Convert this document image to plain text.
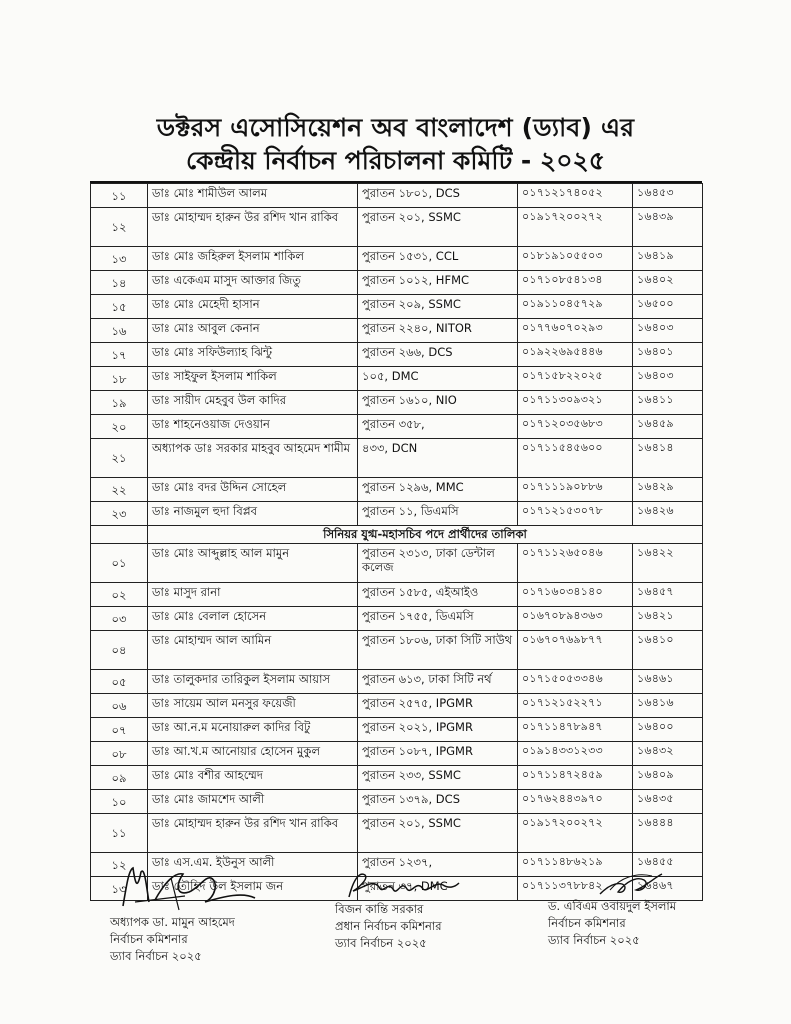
ডক্টরস এসোসিয়েশন অব বাংলাদেশ (ড্যাব) এর
কেন্দ্রীয় নির্বাচন পরিচালনা কমিটি - ২০২৫
১১	ডাঃ মোঃ শামীউল আলম	পুরাতন ১৮০১, DCS	০১৭১২১৭৪০৫২	১৬৪৫৩
১২	ডাঃ মোহাম্মদ হারুন উর রশিদ খান রাকিব	পুরাতন ২০১, SSMC	০১৯১৭২০০২৭২	১৬৪৩৯
১৩	ডাঃ মোঃ জহিরুল ইসলাম শাকিল	পুরাতন ১৫৩১, CCL	০১৮১৯১০৫৫০৩	১৬৪১৯
১৪	ডাঃ একেএম মাসুদ আক্তার জিতু	পুরাতন ১০১২, HFMC	০১৭১০৮৫৪১৩৪	১৬৪০২
১৫	ডাঃ মোঃ মেহেদী হাসান	পুরাতন ২০৯, SSMC	০১৯১১০৪৫৭২৯	১৬৫০০
১৬	ডাঃ মোঃ আবুল কেনান	পুরাতন ২২৪০, NITOR	০১৭৭৬০৭০২৯৩	১৬৪০৩
১৭	ডাঃ মোঃ সফিউল্যাহ ঝিন্টু	পুরাতন ২৬৬, DCS	০১৯২২৬৯৫৪৪৬	১৬৪০১
১৮	ডাঃ সাইফুল ইসলাম শাকিল	১০৫, DMC	০১৭১৫৮২২০২৫	১৬৪০৩
১৯	ডাঃ সায়ীদ মেহবুব উল কাদির	পুরাতন ১৬১০, NIO	০১৭১১৩০৯৩২১	১৬৪১১
২০	ডাঃ শাহনেওয়াজ দেওয়ান	পুরাতন ৩৫৮,	০১৭১২০৩৫৬৮৩	১৬৪৫৯
২১	অধ্যাপক ডাঃ সরকার মাহবুব আহমেদ শামীম	৪৩৩, DCN	০১৭১১৫৪৫৬০০	১৬৪১৪
২২	ডাঃ মোঃ বদর উদ্দিন সোহেল	পুরাতন ১২৯৬, MMC	০১৭১১১৯০৮৮৬	১৬৪২৯
২৩	ডাঃ নাজমুল হুদা বিপ্লব	পুরাতন ১১, ডিএমসি	০১৭১২১৫৩০৭৮	১৬৪২৬
	সিনিয়র যুগ্ম-মহাসচিব পদে প্রার্থীদের তালিকা			
০১	ডাঃ মোঃ আব্দুল্লাহ আল মামুন	পুরাতন ২৩১৩, ঢাকা ডেন্টাল কলেজ	০১৭১১২৬৫০৪৬	১৬৪২২
০২	ডাঃ মাসুদ রানা	পুরাতন ১৫৮৫, এইআইও	০১৭১৬০৩৪১৪০	১৬৪৫৭
০৩	ডাঃ মোঃ বেলাল হোসেন	পুরাতন ১৭৫৫, ডিএমসি	০১৬৭০৮৯৪৩৬৩	১৬৪২১
০৪	ডাঃ মোহাম্মদ আল আমিন	পুরাতন ১৮০৬, ঢাকা সিটি সাউথ	০১৬৭০৭৬৯৮৭৭	১৬৪১০
০৫	ডাঃ তালুকদার তারিকুল ইসলাম আয়াস	পুরাতন ৬১৩, ঢাকা সিটি নর্থ	০১৭১৫০৫৩৩৪৬	১৬৪৬১
০৬	ডাঃ সায়েম আল মনসুর ফয়েজী	পুরাতন ২৫৭৫, IPGMR	০১৭১২১৫২২৭১	১৬৪১৬
০৭	ডাঃ আ.ন.ম মনোয়ারুল কাদির বিটু	পুরাতন ২০২১, IPGMR	০১৭১১৪৭৮৯৪৭	১৬৪০০
০৮	ডাঃ আ.খ.ম আনোয়ার হোসেন মুকুল	পুরাতন ১০৮৭, IPGMR	০১৯১৪৩৩১২৩৩	১৬৪৩২
০৯	ডাঃ মোঃ বশীর আহম্মেদ	পুরাতন ২৩৩, SSMC	০১৭১১৪৭২৪৫৯	১৬৪০৯
১০	ডাঃ মোঃ জামশেদ আলী	পুরাতন ১৩৭৯, DCS	০১৭৬২৪৪৩৯৭০	১৬৪৩৫
১১	ডাঃ মোহাম্মদ হারুন উর রশিদ খান রাকিব	পুরাতন ২০১, SSMC	০১৯১৭২০০২৭২	১৬৪৪৪
১২	ডাঃ এস.এম. ইউনুস আলী	পুরাতন ১২৩৭,	০১৭১১৪৮৬২১৯	১৬৪৫৫
১৩	ডাঃ তৌহিদ উল ইসলাম জন	পুরাতন ৩৭, DMC	০১৭১১৩৭৮৮৪২	১৬৪৬৭
অধ্যাপক ডা. মামুন আহমেদ
নির্বাচন কমিশনার
ড্যাব নির্বাচন ২০২৫
বিজন কান্তি সরকার
প্রধান নির্বাচন কমিশনার
ড্যাব নির্বাচন ২০২৫
ড. এবিএম ওবায়দুল ইসলাম
নির্বাচন কমিশনার
ড্যাব নির্বাচন ২০২৫
